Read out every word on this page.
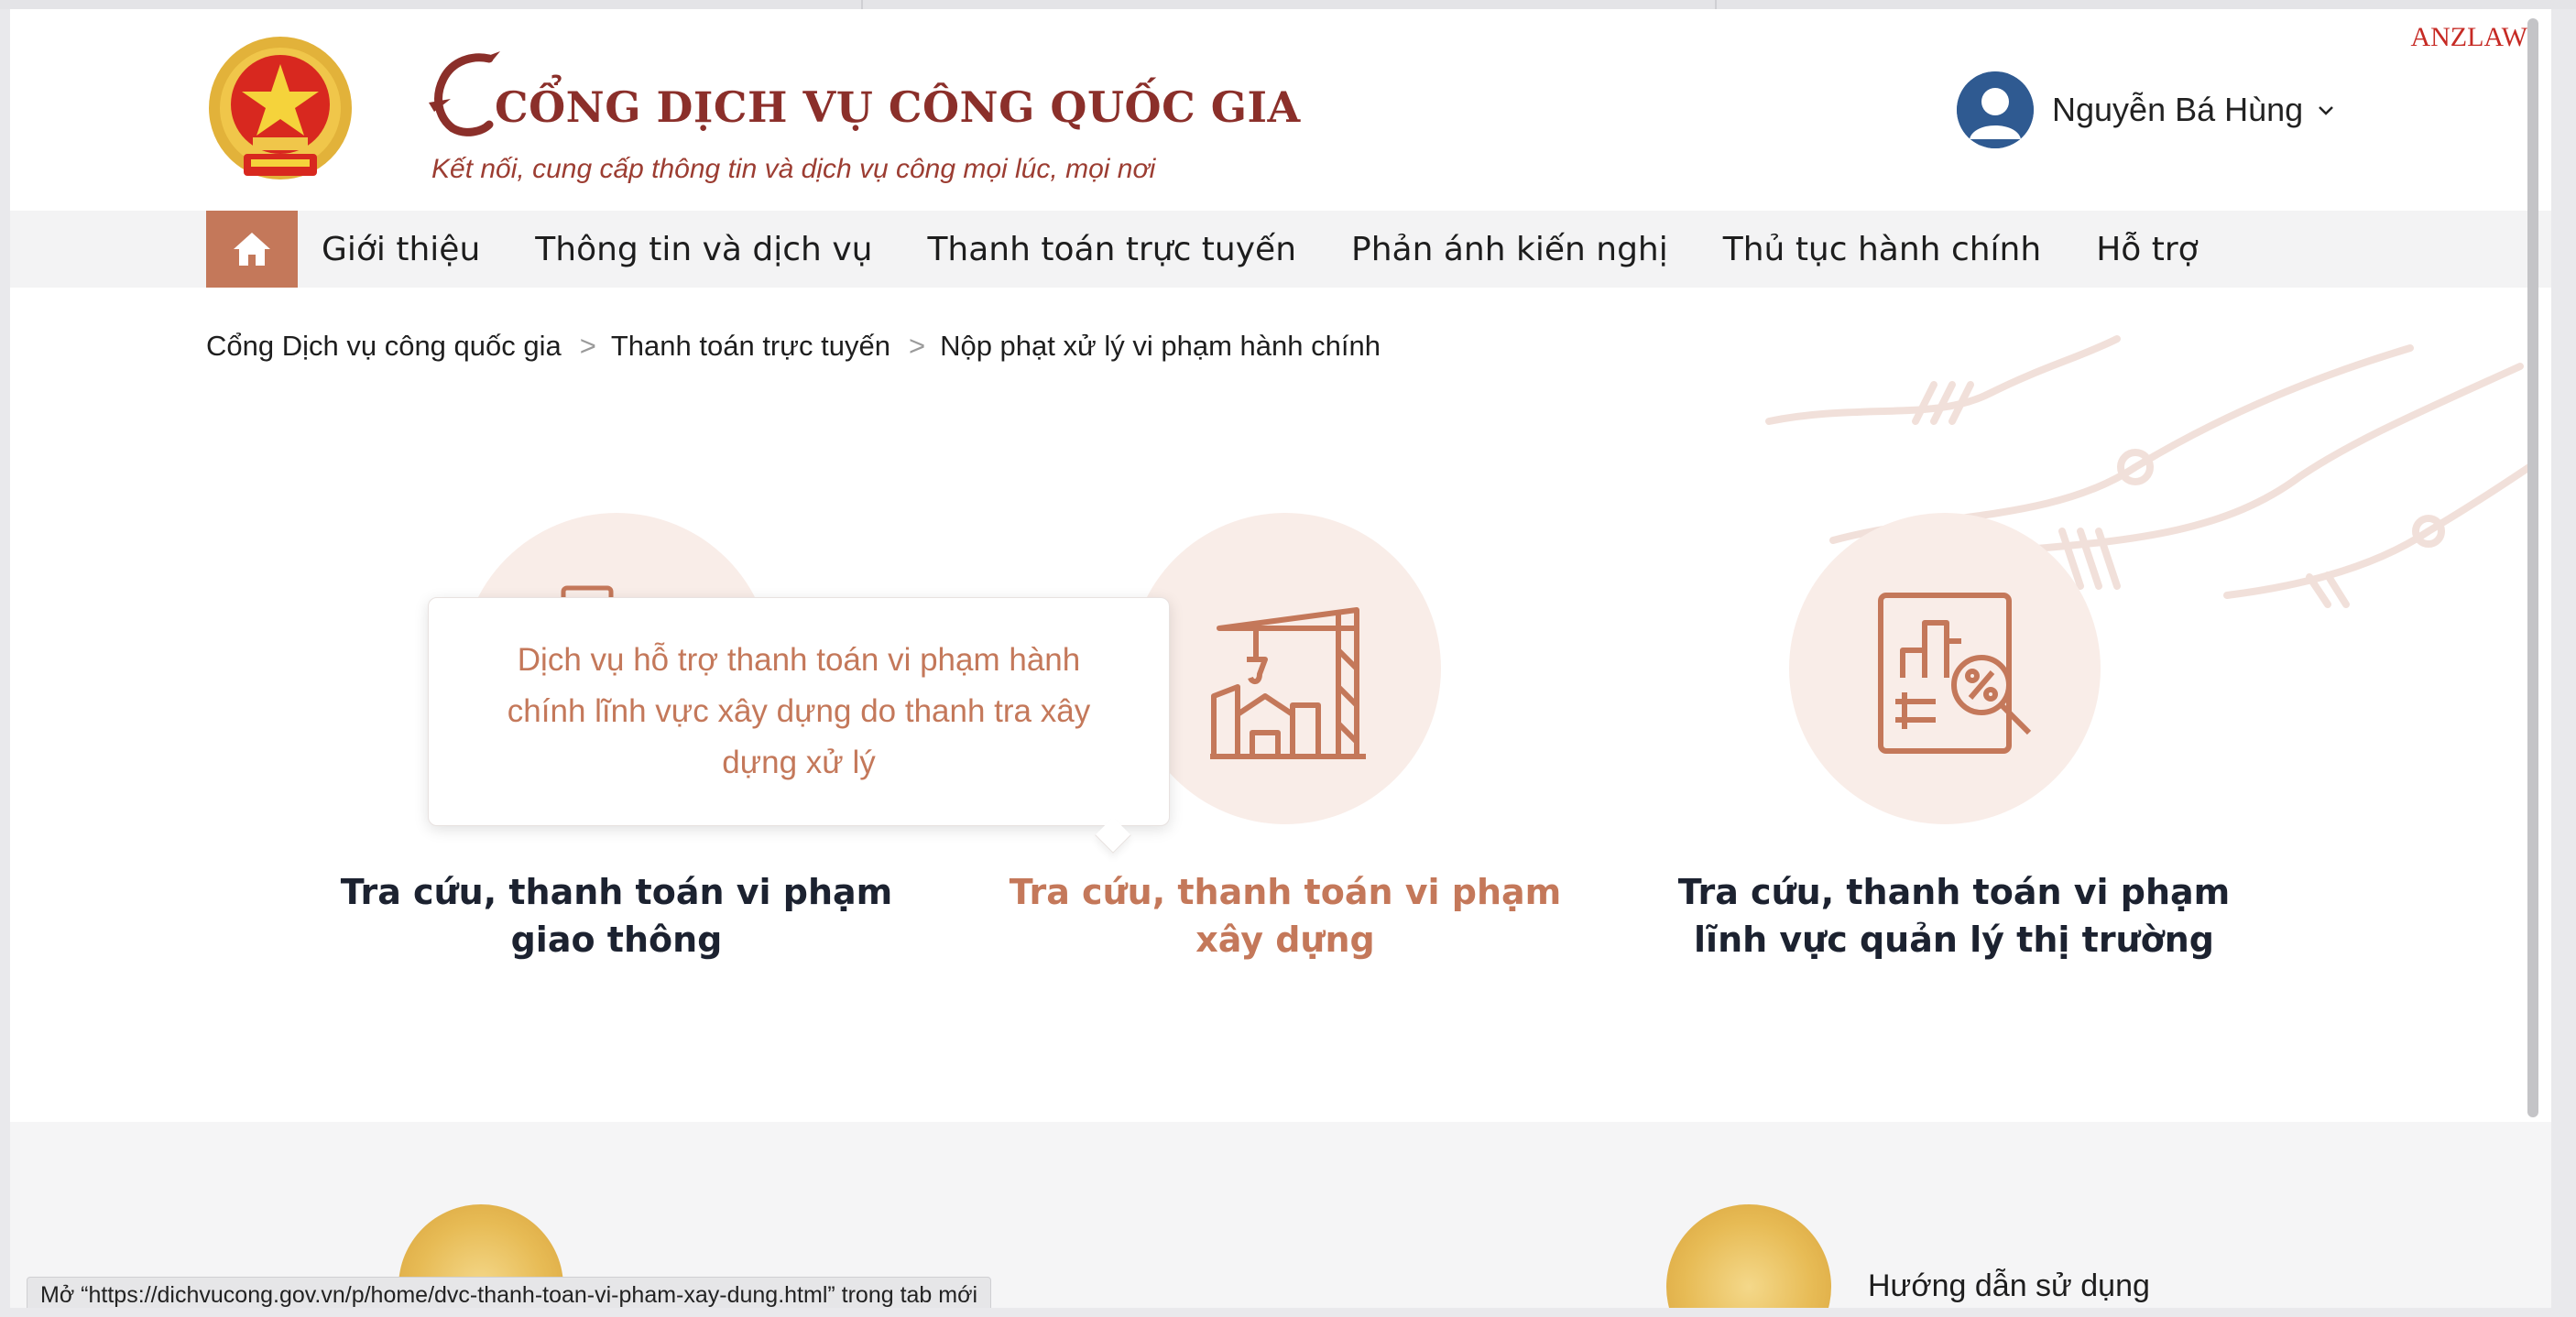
CỔNG DỊCH VỤ CÔNG QUỐC GIA
Kết nối, cung cấp thông tin và dịch vụ công mọi lúc, mọi nơi
ANZLAW
Nguyễn Bá Hùng
Giới thiệu Thông tin và dịch vụ Thanh toán trực tuyến Phản ánh kiến nghị Thủ tục hành chính Hỗ trợ
Cổng Dịch vụ công quốc gia > Thanh toán trực tuyến > Nộp phạt xử lý vi phạm hành chính
Tra cứu, thanh toán vi phạm giao thông
Tra cứu, thanh toán vi phạm xây dựng
Tra cứu, thanh toán vi phạm lĩnh vực quản lý thị trường
Dịch vụ hỗ trợ thanh toán vi phạm hành chính lĩnh vực xây dựng do thanh tra xây dựng xử lý
Hướng dẫn sử dụng
Mở “https://dichvucong.gov.vn/p/home/dvc-thanh-toan-vi-pham-xay-dung.html” trong tab mới
